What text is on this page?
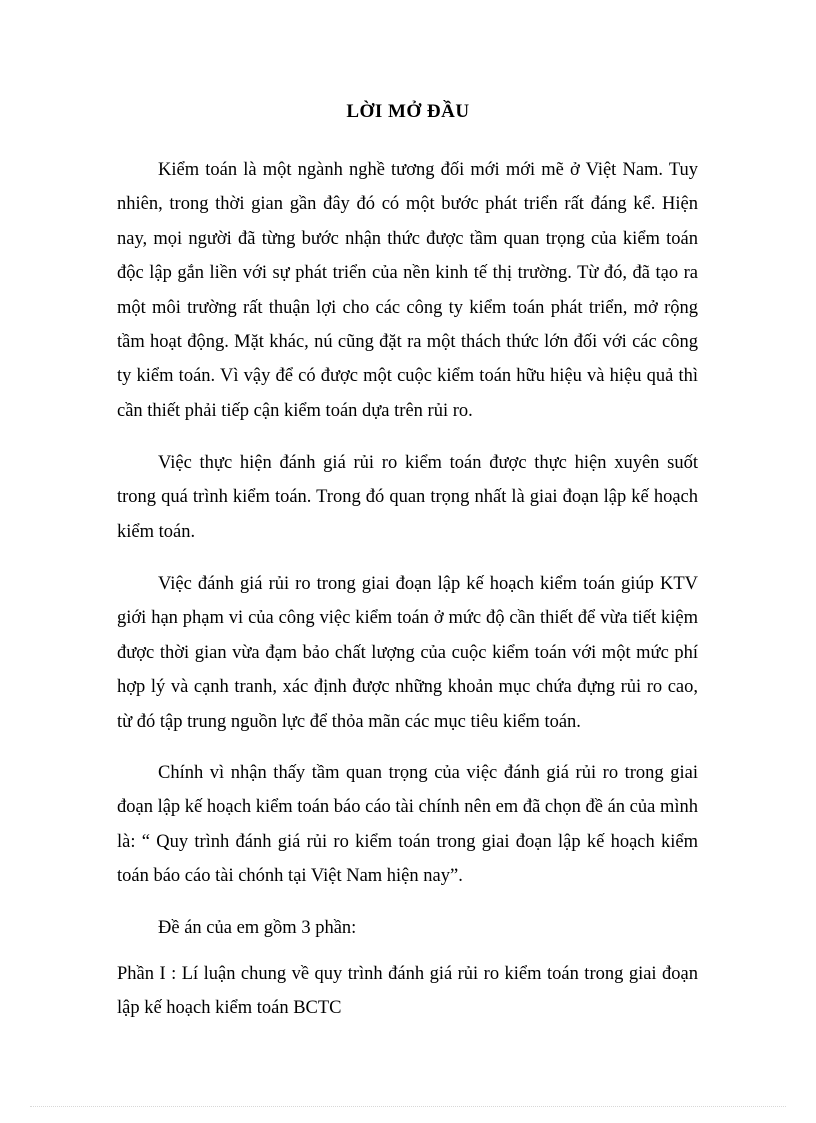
LỜI MỞ ĐẦU

Kiểm toán là một ngành nghề tương đối mới mới mẽ ở Việt Nam. Tuy nhiên, trong thời gian gần đây đó có một bước phát triển rất đáng kể. Hiện nay, mọi người đã từng bước nhận thức được tầm quan trọng của kiểm toán độc lập gắn liền với sự phát triển của nền kinh tế thị trường. Từ đó, đã tạo ra một môi trường rất thuận lợi cho các công ty kiểm toán phát triển, mở rộng tầm hoạt động. Mặt khác, nú cũng đặt ra một thách thức lớn đối với các công ty kiểm toán. Vì vậy để có được một cuộc kiểm toán hữu hiệu và hiệu quả thì cần thiết phải tiếp cận kiểm toán dựa trên rủi ro.

Việc thực hiện đánh giá rủi ro kiểm toán được thực hiện xuyên suốt trong quá trình kiểm toán. Trong đó quan trọng nhất là giai đoạn lập kế hoạch kiểm toán.

Việc đánh giá rủi ro trong giai đoạn lập kế hoạch kiểm toán giúp KTV giới hạn phạm vi của công việc kiểm toán ở mức độ cần thiết để vừa tiết kiệm được thời gian vừa đạm bảo chất lượng của cuộc kiểm toán với một mức phí hợp lý và cạnh tranh, xác định được những khoản mục chứa đựng rủi ro cao, từ đó tập trung nguồn lực để thỏa mãn các mục tiêu kiểm toán.

Chính vì nhận thấy tầm quan trọng của việc đánh giá rủi ro trong giai đoạn lập kế hoạch kiểm toán báo cáo tài chính nên em đã chọn đề án của mình là: “ Quy trình đánh giá rủi ro kiểm toán trong giai đoạn lập kế hoạch kiểm toán báo cáo tài chónh tại Việt Nam hiện nay”.

Đề án của em gồm 3 phần:

Phần I : Lí luận chung về quy trình đánh giá rủi ro kiểm toán trong giai đoạn lập kế hoạch kiểm toán BCTC
